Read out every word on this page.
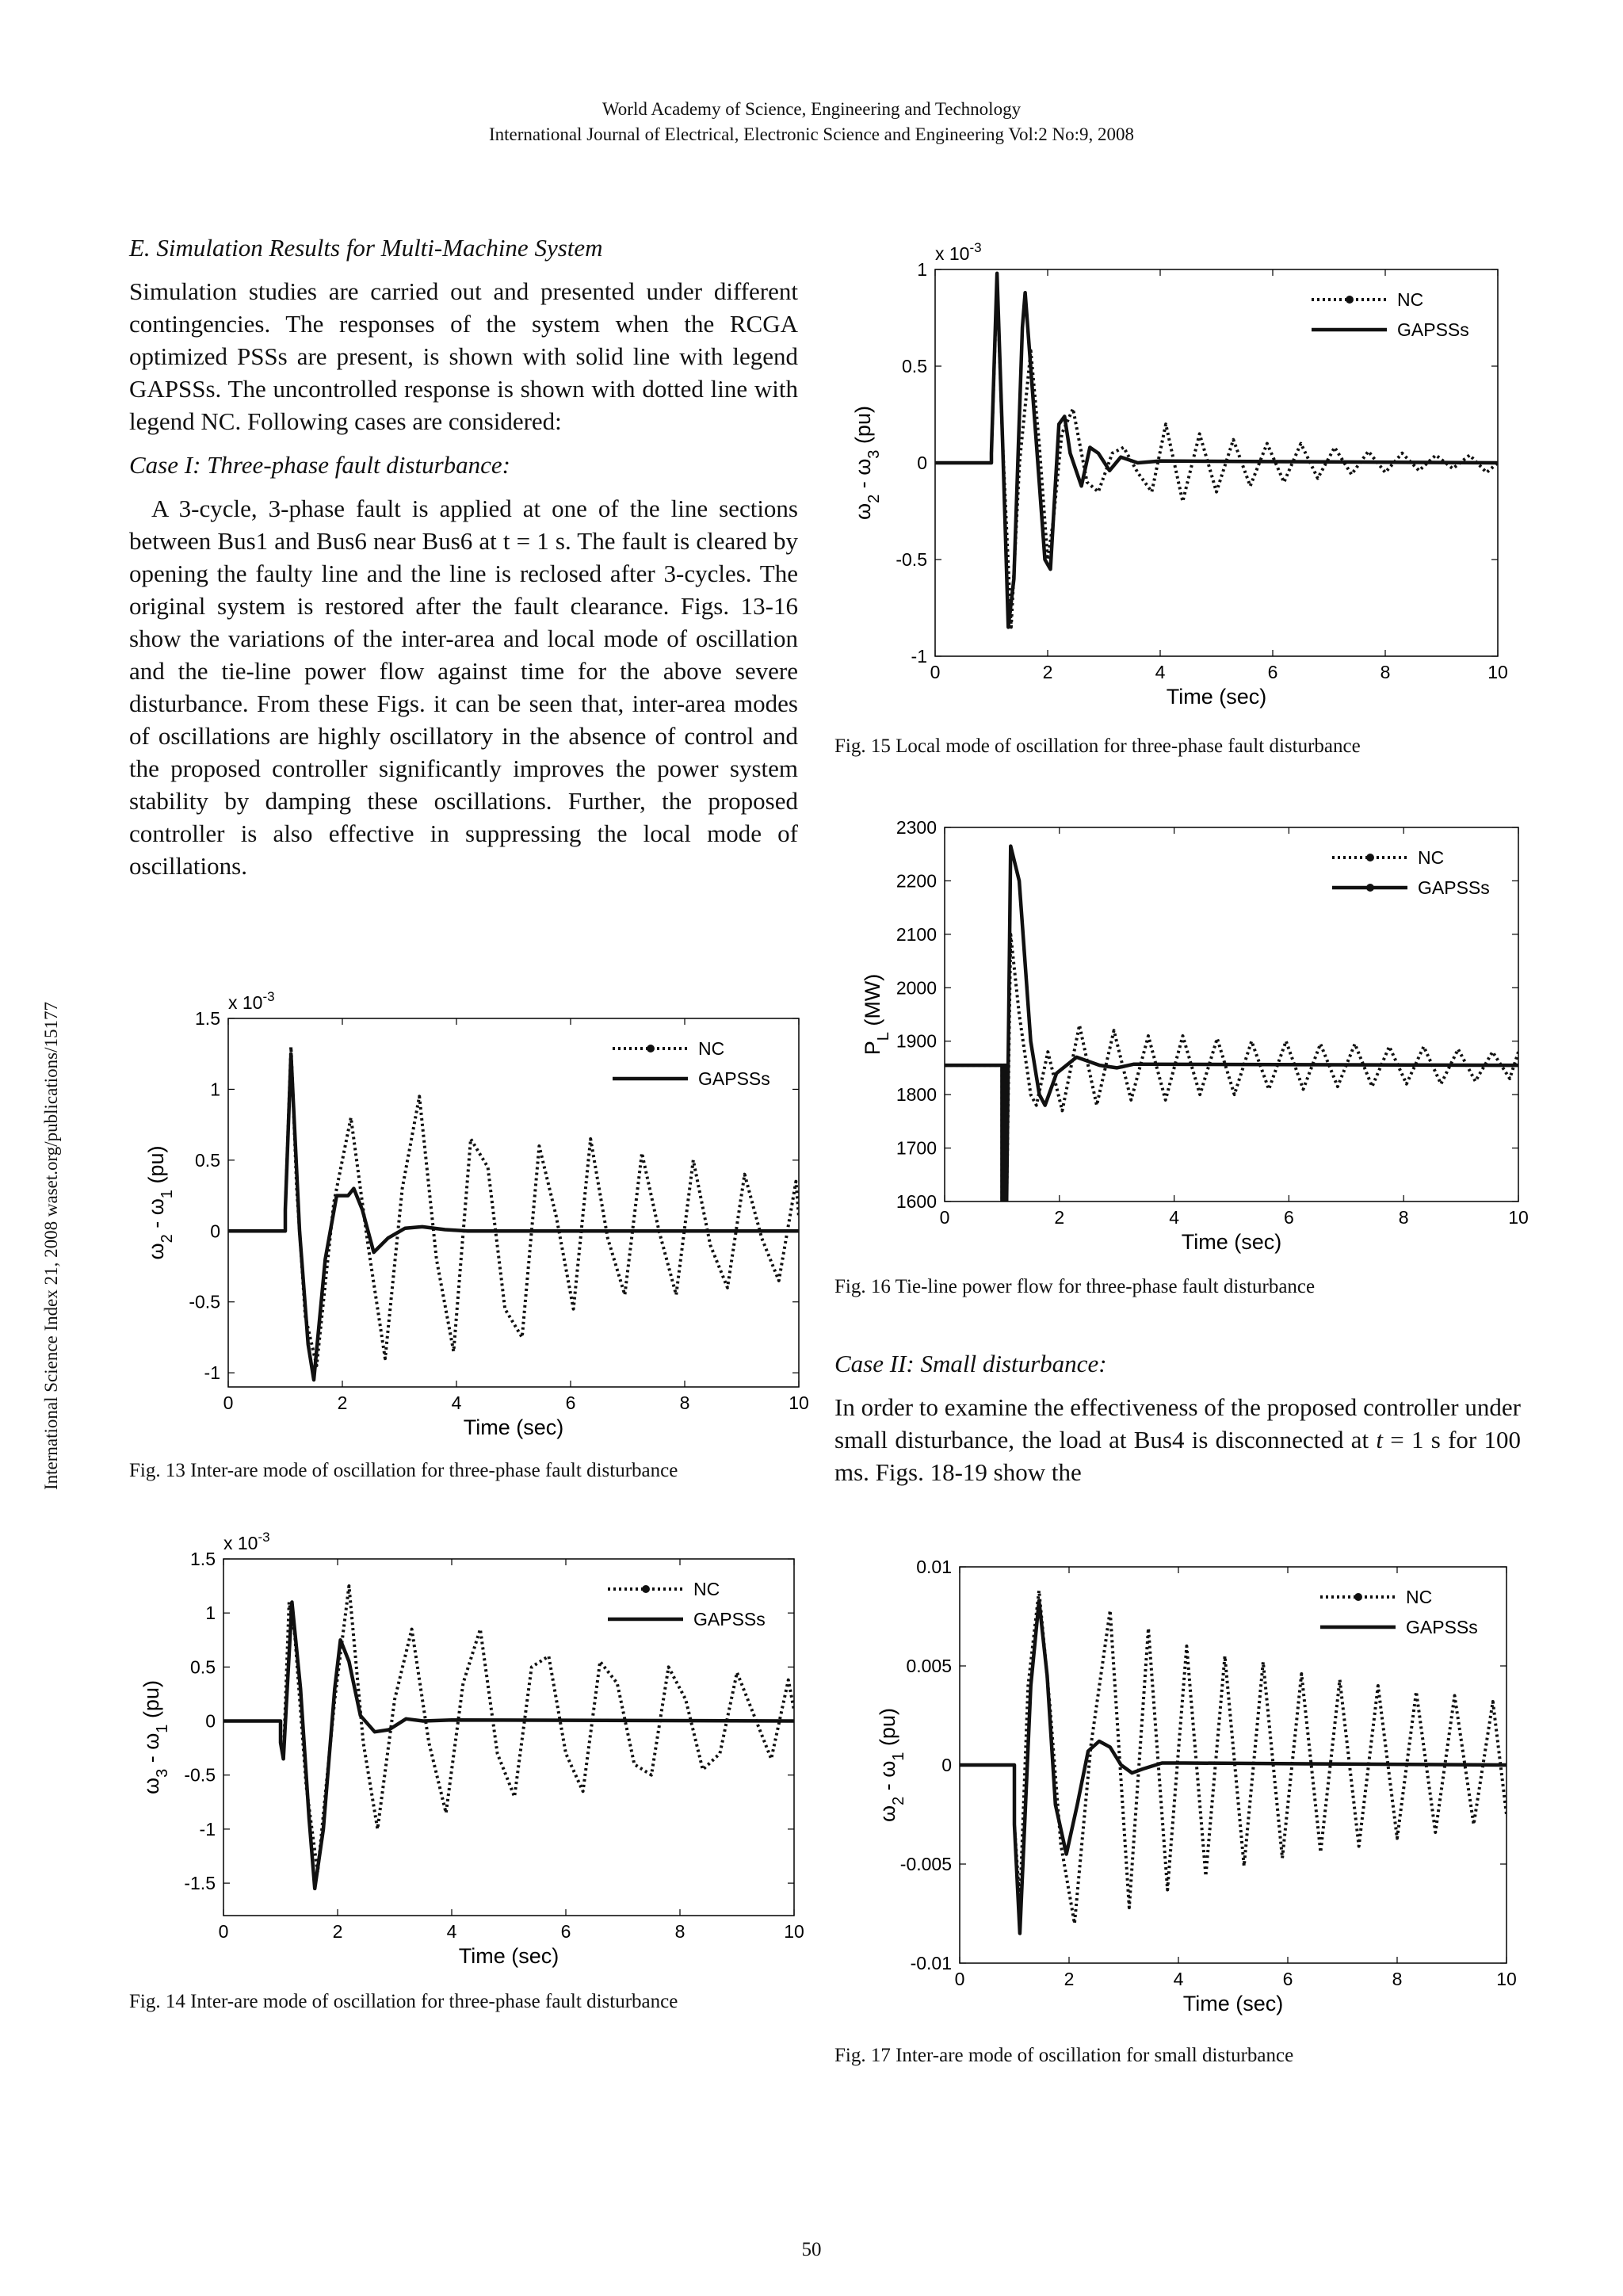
World Academy of Science, Engineering and Technology
International Journal of Electrical, Electronic Science and Engineering Vol:2 No:9, 2008
International Science Index 21, 2008 waset.org/publications/15177

E. Simulation Results for Multi-Machine System

Simulation studies are carried out and presented under different contingencies. The responses of the system when the RCGA optimized PSSs are present, is shown with solid line with legend GAPSSs. The uncontrolled response is shown with dotted line with legend NC. Following cases are considered:

Case I: Three-phase fault disturbance:

A 3-cycle, 3-phase fault is applied at one of the line sections between Bus1 and Bus6 near Bus6 at t = 1 s. The fault is cleared by opening the faulty line and the line is reclosed after 3-cycles. The original system is restored after the fault clearance. Figs. 13-16 show the variations of the inter-area and local mode of oscillation and the tie-line power flow against time for the above severe disturbance. From these Figs. it can be seen that, inter-area modes of oscillations are highly oscillatory in the absence of control and the proposed controller significantly improves the power system stability by damping these oscillations. Further, the proposed controller is also effective in suppressing the local mode of oscillations.

Case II: Small disturbance:

In order to examine the effectiveness of the proposed controller under small disturbance, the load at Bus4 is disconnected at t = 1 s for 100 ms. Figs. 18-19 show the

0	2	4	6	8	10
1.5
1
0.5
0
-0.5
-1
x $10^{-3}$
Time (sec)
$\omega_2 - \omega_1$ (pu)
NC
GAPSSs
Fig. 13 Inter-are mode of oscillation for three-phase fault disturbance
0	2	4	6	8	10
1.5
1
0.5
0
-0.5
-1
-1.5
x $10^{-3}$
Time (sec)
$\omega_3 - \omega_1$ (pu)
NC
GAPSSs
Fig. 14 Inter-are mode of oscillation for three-phase fault disturbance
0	2	4	6	8	10
1
0.5
0
-0.5
-1
x $10^{-3}$
Time (sec)
$\omega_2 - \omega_3$ (pu)
NC
GAPSSs
Fig. 15 Local mode of oscillation for three-phase fault disturbance
0	2	4	6	8	10
2300
2200
2100
2000
1900
1800
1700
1600
Time (sec)
$P_L$ (MW)
NC
GAPSSs
Fig. 16 Tie-line power flow for three-phase fault disturbance
0	2	4	6	8	10
0.01
0.005
0
-0.005
-0.01
Time (sec)
$\omega_2 - \omega_1$ (pu)
NC
GAPSSs
Fig. 17 Inter-are mode of oscillation for small disturbance
50
